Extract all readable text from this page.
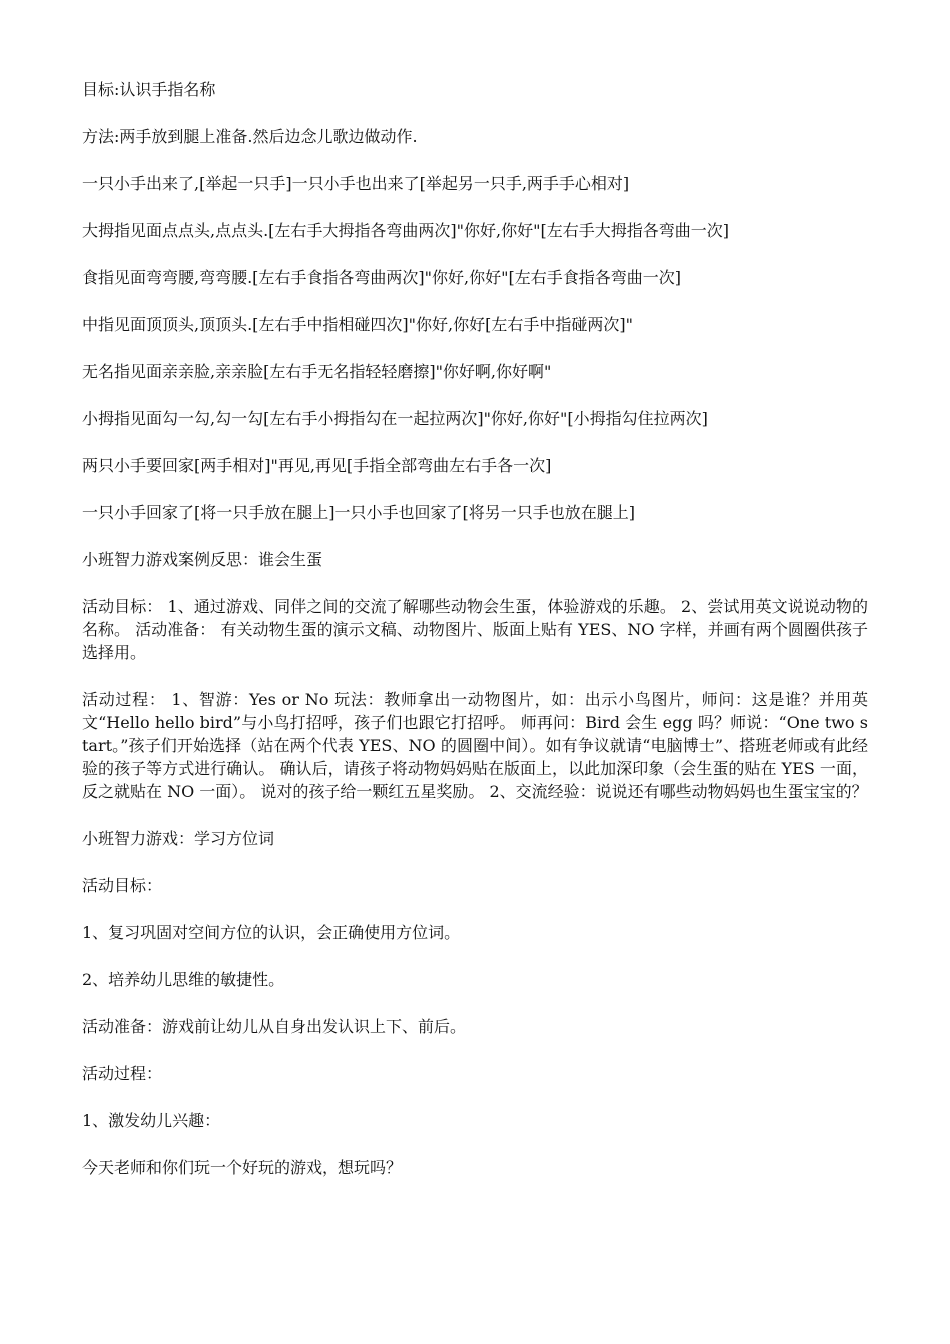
目标:认识手指名称

方法:两手放到腿上准备.然后边念儿歌边做动作.

一只小手出来了,[举起一只手]一只小手也出来了[举起另一只手,两手手心相对]

大拇指见面点点头,点点头.[左右手大拇指各弯曲两次]"你好,你好"[左右手大拇指各弯曲一次]

食指见面弯弯腰,弯弯腰.[左右手食指各弯曲两次]"你好,你好"[左右手食指各弯曲一次]

中指见面顶顶头,顶顶头.[左右手中指相碰四次]"你好,你好[左右手中指碰两次]"

无名指见面亲亲脸,亲亲脸[左右手无名指轻轻磨擦]"你好啊,你好啊"

小拇指见面勾一勾,勾一勾[左右手小拇指勾在一起拉两次]"你好,你好"[小拇指勾住拉两次]

两只小手要回家[两手相对]"再见,再见[手指全部弯曲左右手各一次]

一只小手回家了[将一只手放在腿上]一只小手也回家了[将另一只手也放在腿上]

小班智力游戏案例反思：谁会生蛋

活动目标： 1、通过游戏、同伴之间的交流了解哪些动物会生蛋，体验游戏的乐趣。 2、尝试用英文说说动物的名称。 活动准备： 有关动物生蛋的演示文稿、动物图片、版面上贴有 YES、NO 字样，并画有两个圆圈供孩子选择用。

活动过程： 1、智游：Yes or No 玩法：教师拿出一动物图片，如：出示小鸟图片，师问：这是谁？并用英文“Hello hello bird”与小鸟打招呼，孩子们也跟它打招呼。 师再问：Bird 会生 egg 吗？师说：“One two start。”孩子们开始选择（站在两个代表 YES、NO 的圆圈中间）。如有争议就请“电脑博士”、搭班老师或有此经验的孩子等方式进行确认。 确认后，请孩子将动物妈妈贴在版面上，以此加深印象（会生蛋的贴在 YES 一面，反之就贴在 NO 一面）。 说对的孩子给一颗红五星奖励。 2、交流经验：说说还有哪些动物妈妈也生蛋宝宝的？

小班智力游戏：学习方位词

活动目标：

1、复习巩固对空间方位的认识，会正确使用方位词。

2、培养幼儿思维的敏捷性。

活动准备：游戏前让幼儿从自身出发认识上下、前后。

活动过程：

1、激发幼儿兴趣：

今天老师和你们玩一个好玩的游戏，想玩吗？
